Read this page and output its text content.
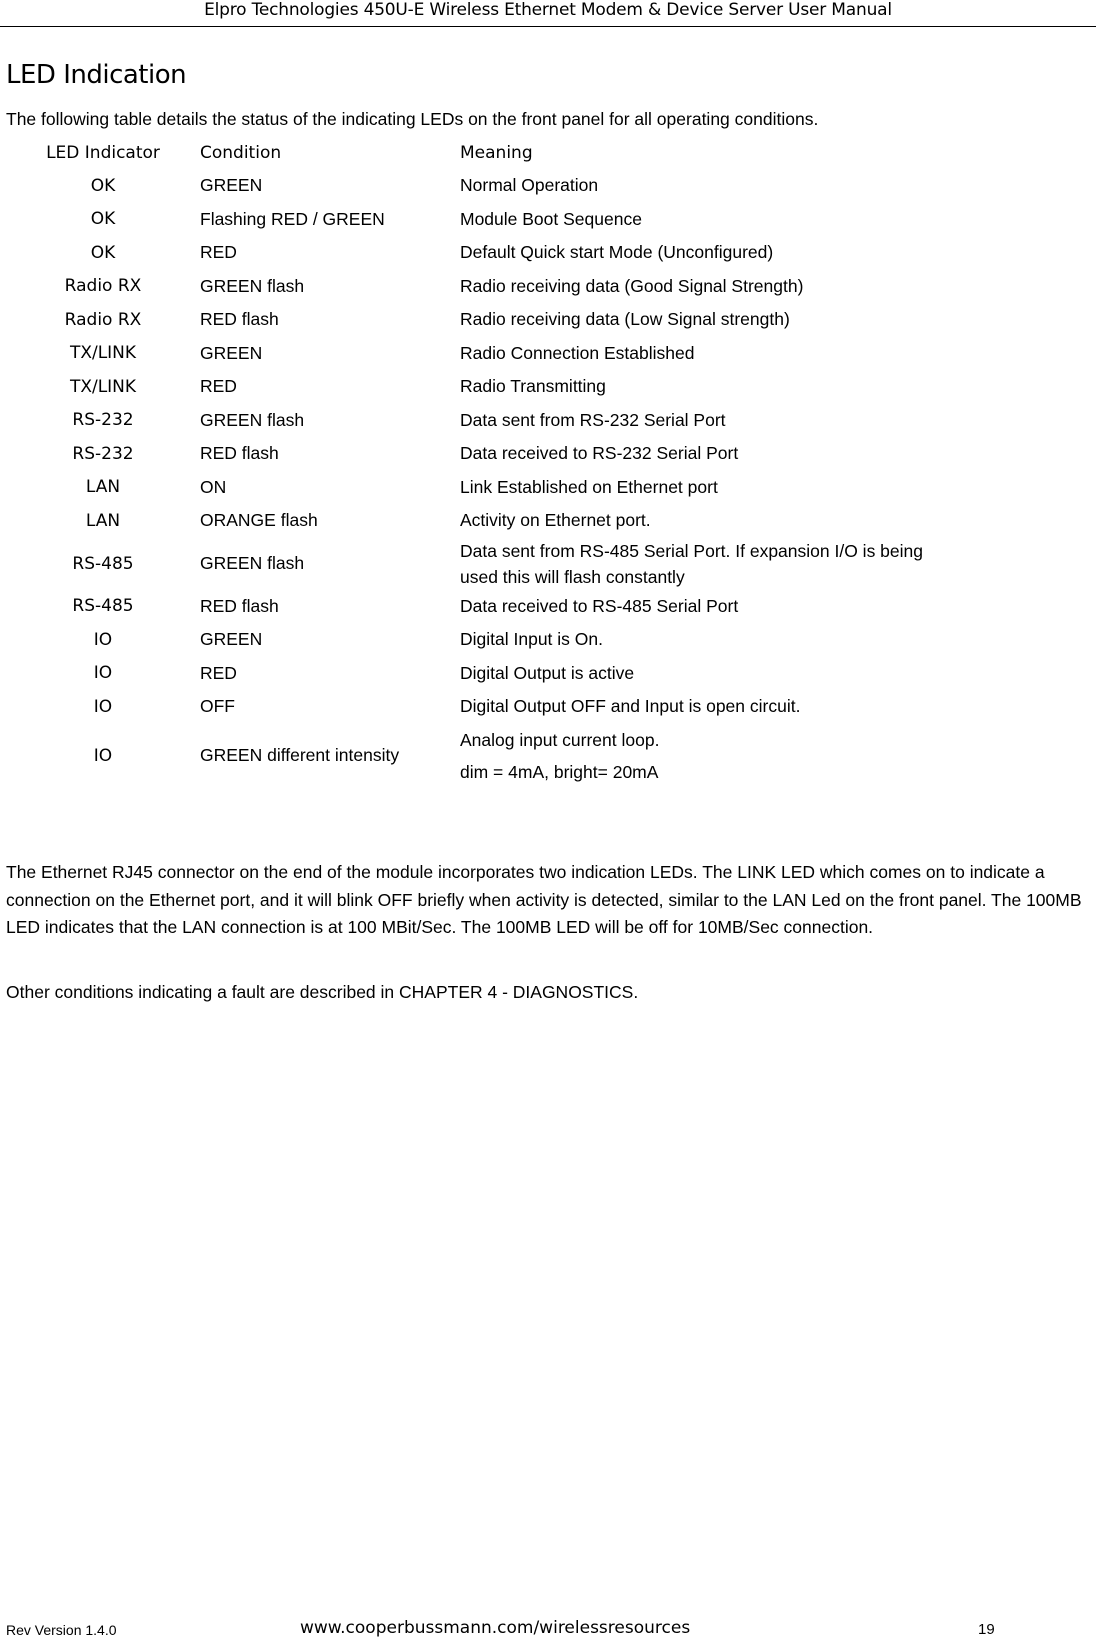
Elpro Technologies 450U-E Wireless Ethernet Modem & Device Server User Manual
LED Indication

The following table details the status of the indicating LEDs on the front panel for all operating conditions.

LED Indicator	Condition	Meaning
OK	GREEN	Normal Operation
OK	Flashing RED / GREEN	Module Boot Sequence
OK	RED	Default Quick start Mode (Unconfigured)
Radio RX	GREEN flash	Radio receiving data (Good Signal Strength)
Radio RX	RED flash	Radio receiving data (Low Signal strength)
TX/LINK	GREEN	Radio Connection Established
TX/LINK	RED	Radio Transmitting
RS-232	GREEN flash	Data sent from RS-232 Serial Port
RS-232	RED flash	Data received to RS-232 Serial Port
LAN	ON	Link Established on Ethernet port
LAN	ORANGE flash	Activity on Ethernet port.
RS-485	GREEN flash	Data sent from RS-485 Serial Port. If expansion I/O is being
used this will flash constantly

RS-485	RED flash	Data received to RS-485 Serial Port
IO	GREEN	Digital Input is On.
IO	RED	Digital Output is active
IO	OFF	Digital Output OFF and Input is open circuit.
IO	GREEN different intensity	Analog input current loop.
dim = 4mA, bright= 20mA

The Ethernet RJ45 connector on the end of the module incorporates two indication LEDs. The LINK LED which comes on to indicate a connection on the Ethernet port, and it will blink OFF briefly when activity is detected, similar to the LAN Led on the front panel. The 100MB LED indicates that the LAN connection is at 100 MBit/Sec. The 100MB LED will be off for 10MB/Sec connection.

Other conditions indicating a fault are described in CHAPTER 4 - DIAGNOSTICS.

Rev Version 1.4.0	www.cooperbussmann.com/wirelessresources	19
